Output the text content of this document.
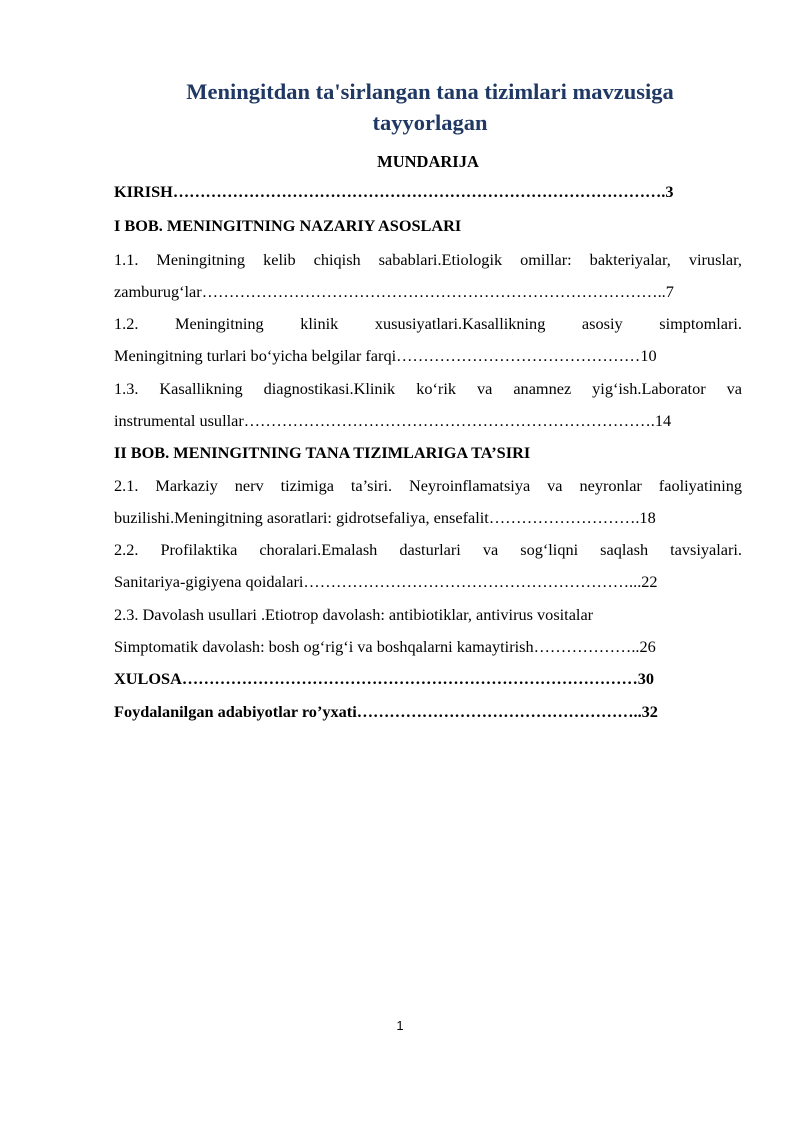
Meningitdan ta'sirlangan tana tizimlari mavzusiga
tayyorlagan
MUNDARIJA
KIRISH……………………………………………………………………………….3
I BOB. MENINGITNING NAZARIY ASOSLARI
1.1. Meningitning kelib chiqish sabablari.Etiologik omillar: bakteriyalar, viruslar,
zamburug‘lar…………………………………………………………………………..7
1.2. Meningitning klinik xususiyatlari.Kasallikning asosiy simptomlari.
Meningitning turlari bo‘yicha belgilar farqi………………………………………10
1.3. Kasallikning diagnostikasi.Klinik ko‘rik va anamnez yig‘ish.Laborator va
instrumental usullar………………………………………………………………….14
II BOB. MENINGITNING TANA TIZIMLARIGA TA’SIRI
2.1. Markaziy nerv tizimiga ta’siri. Neyroinflamatsiya va neyronlar faoliyatining
buzilishi.Meningitning asoratlari: gidrotsefaliya, ensefalit……………………….18
2.2. Profilaktika choralari.Emalash dasturlari va sog‘liqni saqlash tavsiyalari.
Sanitariya-gigiyena qoidalari……………………………………………………...22
2.3. Davolash usullari .Etiotrop davolash: antibiotiklar, antivirus vositalar
Simptomatik davolash: bosh og‘rig‘i va boshqalarni kamaytirish………………..26
XULOSA…………………………………………………………………………30
Foydalanilgan adabiyotlar ro’yxati……………………………………………..32
1
